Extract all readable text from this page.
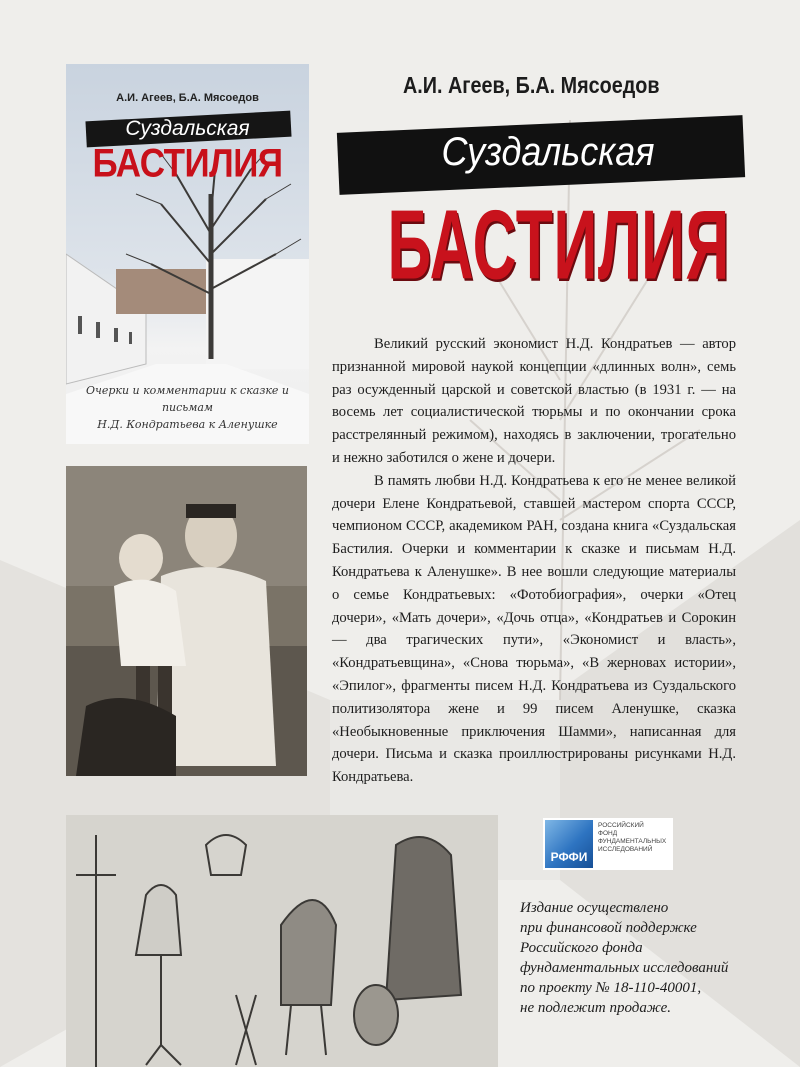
А.И. Агеев, Б.А. Мясоедов
Суздальская
БАСТИЛИЯ
Очерки и комментарии к сказке и письмам
Н.Д. Кондратьева к Аленушке
А.И. Агеев, Б.А. Мясоедов
Суздальская
БАСТИЛИЯ

Великий русский экономист Н.Д. Кондратьев — автор признанной мировой наукой концепции «длинных волн», семь раз осужденный царской и советской властью (в 1931 г. — на восемь лет социалистической тюрьмы и по окончании срока расстрелянный режимом), находясь в заключении, трогательно и нежно заботился о жене и дочери.

В память любви Н.Д. Кондратьева к его не менее великой дочери Елене Кондратьевой, ставшей мастером спорта СССР, чемпионом СССР, академиком РАН, создана книга «Суздальская Бастилия. Очерки и комментарии к сказке и письмам Н.Д. Кондратьева к Аленушке». В нее вошли следующие материалы о семье Кондратьевых: «Фотобиография», очерки «Отец дочери», «Мать дочери», «Дочь отца», «Кондратьев и Сорокин — два трагических пути», «Экономист и власть», «Кондратьевщина», «Снова тюрьма», «В жерновах истории», «Эпилог», фрагменты писем Н.Д. Кондратьева из Суздальского политизолятора жене и 99 писем Аленушке, сказка «Необыкновенные приключения Шамми», написанная для дочери. Письма и сказка проиллюстрированы рисунками Н.Д. Кондратьева.

РФФИ
РОССИЙСКИЙ
ФОНД
ФУНДАМЕНТАЛЬНЫХ
ИССЛЕДОВАНИЙ
Издание осуществлено
при финансовой поддержке
Российского фонда
фундаментальных исследований
по проекту № 18-110-40001,
не подлежит продаже.
